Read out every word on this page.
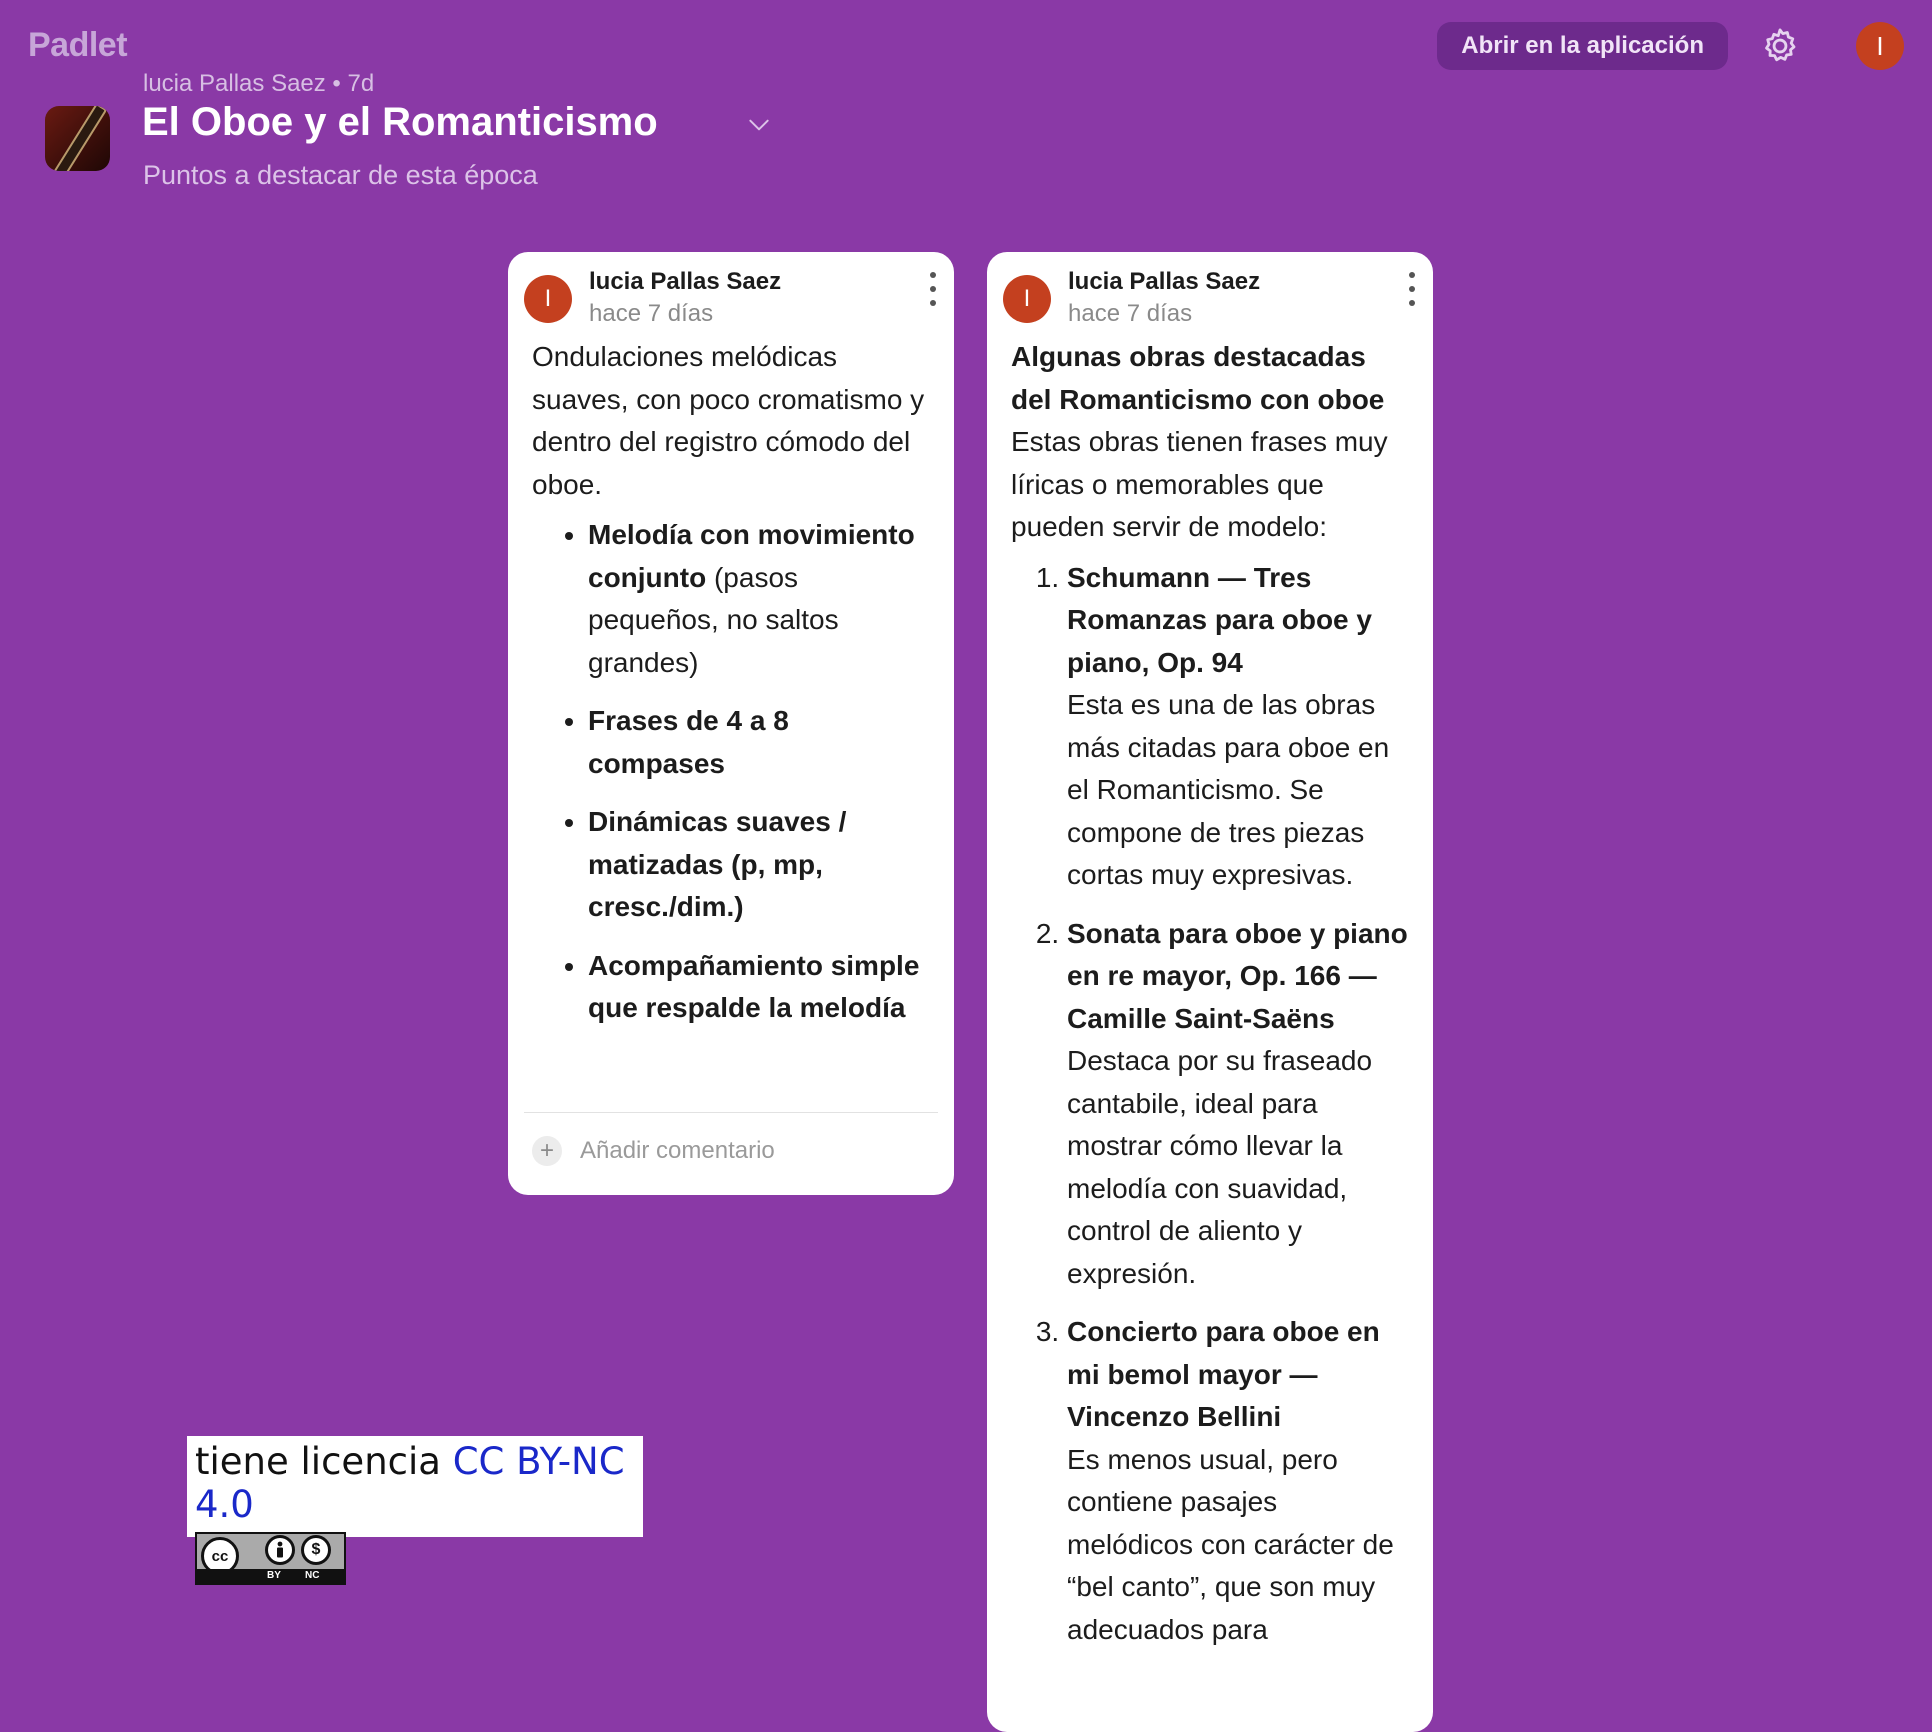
Padlet	Abrir en la aplicación	I
lucia Pallas Saez • 7d
El Oboe y el Romanticismo
Puntos a destacar de esta época
I
lucia Pallas Saez
hace 7 días

Ondulaciones melódicas suaves, con poco cromatismo y dentro del registro cómodo del oboe.

• Melodía con movimiento conjunto (pasos pequeños, no saltos grandes)
• Frases de 4 a 8 compases
• Dinámicas suaves / matizadas (p, mp, cresc./dim.)
• Acompañamiento simple que respalde la melodía
+	Añadir comentario
I
lucia Pallas Saez
hace 7 días

Algunas obras destacadas del Romanticismo con oboe

Estas obras tienen frases muy líricas o memorables que pueden servir de modelo:

1. Schumann — Tres Romanzas para oboe y piano, Op. 94
Esta es una de las obras más citadas para oboe en el Romanticismo. Se compone de tres piezas cortas muy expresivas.
2. Sonata para oboe y piano en re mayor, Op. 166 — Camille Saint-Saëns
Destaca por su fraseado cantabile, ideal para mostrar cómo llevar la melodía con suavidad, control de aliento y expresión.
3. Concierto para oboe en mi bemol mayor — Vincenzo Bellini
Es menos usual, pero contiene pasajes melódicos con carácter de “bel canto”, que son muy adecuados para
tiene licencia CC BY-NC 4.0
cc	$
BY NC
